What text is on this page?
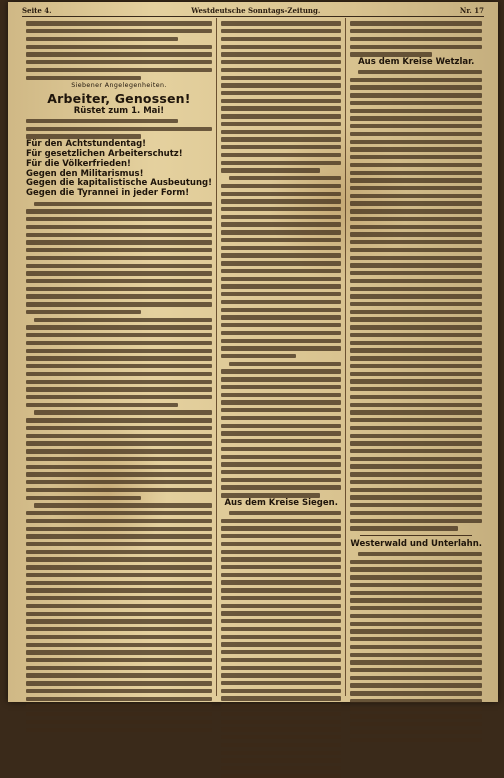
Seite 4.	Westdeutsche Sonntags-Zeitung.	Nr. 17
Siebener Angelegenheiten.
Arbeiter, Genossen!
Rüstet zum 1. Mai!
Für den Achtstundentag!
Für gesetzlichen Arbeiterschutz!
Für die Völkerfrieden!
Gegen den Militarismus!
Gegen die kapitalistische Ausbeutung!
Gegen die Tyrannei in jeder Form!
Aus dem Kreise Siegen.
Aus dem Kreise Wetzlar.
Westerwald und Unterlahn.
